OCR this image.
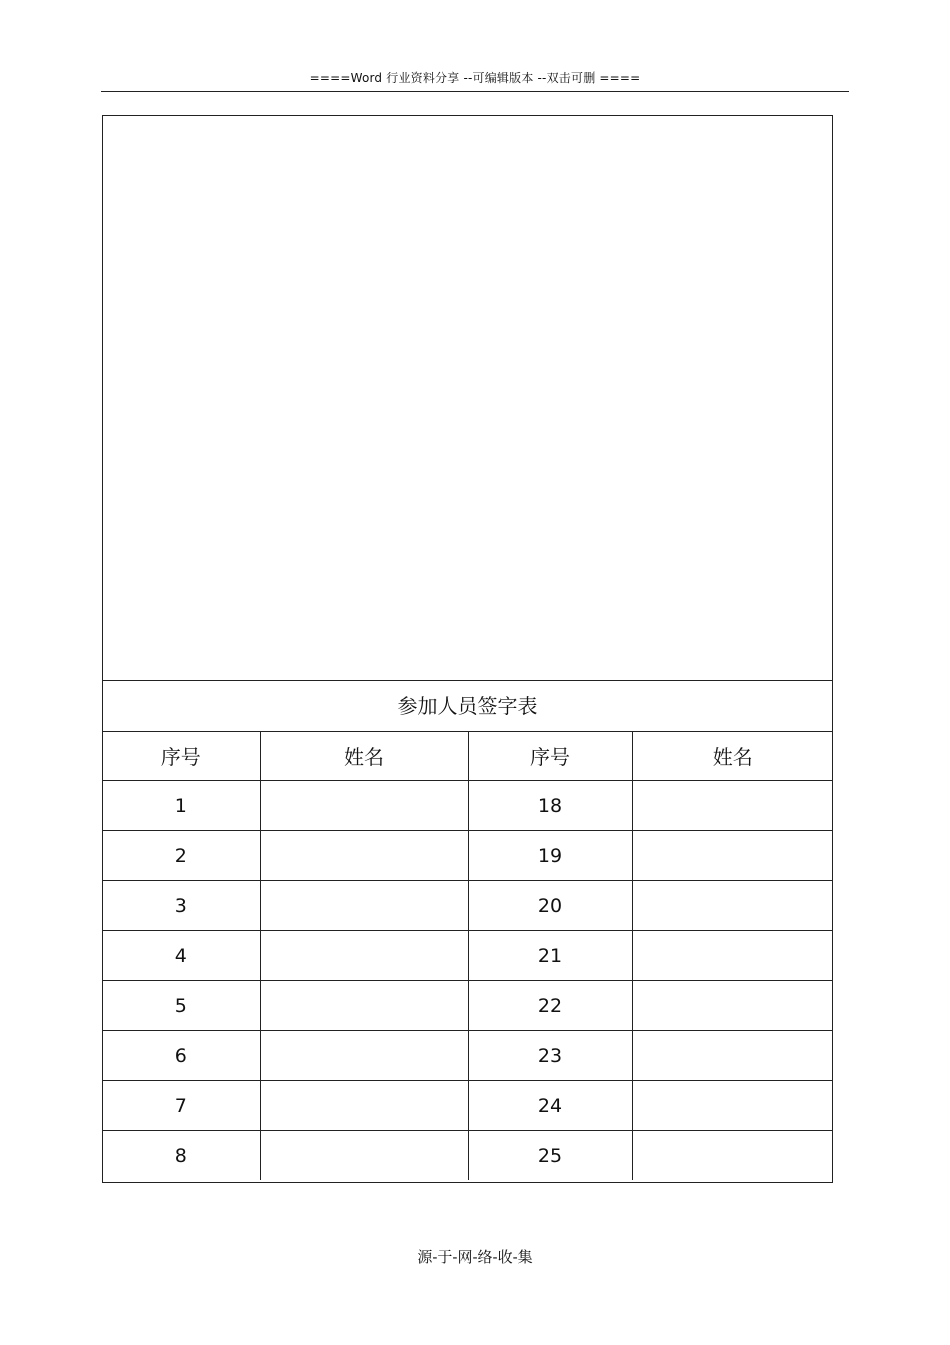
====Word 行业资料分享 --可编辑版本 --双击可删 ====
参加人员签字表
序号	姓名	序号	姓名
1		18	
2		19	
3		20	
4		21	
5		22	
6		23	
7		24	
8		25	
源-于-网-络-收-集
